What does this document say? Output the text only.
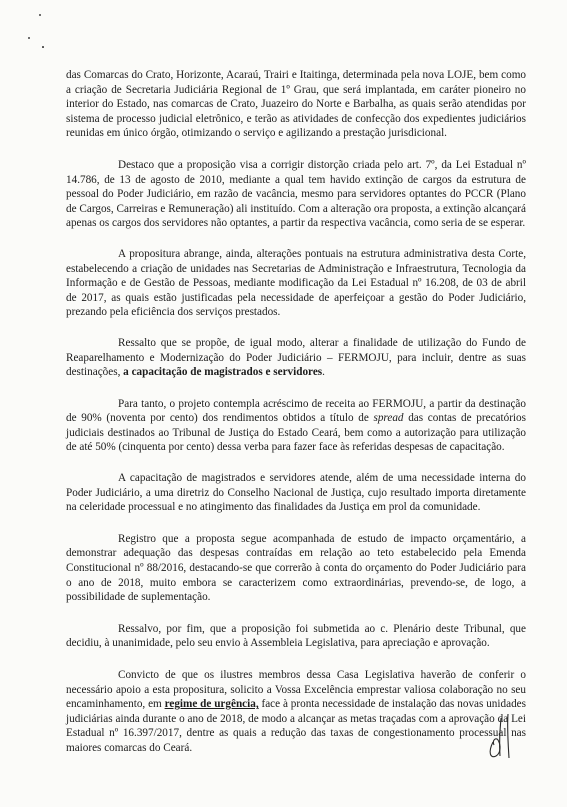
das Comarcas do Crato, Horizonte, Acaraú, Trairi e Itaitinga, determinada pela nova LOJE, bem como a criação de Secretaria Judiciária Regional de 1º Grau, que será implantada, em caráter pioneiro no interior do Estado, nas comarcas de Crato, Juazeiro do Norte e Barbalha, as quais serão atendidas por sistema de processo judicial eletrônico, e terão as atividades de confecção dos expedientes judiciários reunidas em único órgão, otimizando o serviço e agilizando a prestação jurisdicional.

Destaco que a proposição visa a corrigir distorção criada pelo art. 7º, da Lei Estadual nº 14.786, de 13 de agosto de 2010, mediante a qual tem havido extinção de cargos da estrutura de pessoal do Poder Judiciário, em razão de vacância, mesmo para servidores optantes do PCCR (Plano de Cargos, Carreiras e Remuneração) ali instituído. Com a alteração ora proposta, a extinção alcançará apenas os cargos dos servidores não optantes, a partir da respectiva vacância, como seria de se esperar.

A propositura abrange, ainda, alterações pontuais na estrutura administrativa desta Corte, estabelecendo a criação de unidades nas Secretarias de Administração e Infraestrutura, Tecnologia da Informação e de Gestão de Pessoas, mediante modificação da Lei Estadual nº 16.208, de 03 de abril de 2017, as quais estão justificadas pela necessidade de aperfeiçoar a gestão do Poder Judiciário, prezando pela eficiência dos serviços prestados.

Ressalto que se propõe, de igual modo, alterar a finalidade de utilização do Fundo de Reaparelhamento e Modernização do Poder Judiciário – FERMOJU, para incluir, dentre as suas destinações, a capacitação de magistrados e servidores.

Para tanto, o projeto contempla acréscimo de receita ao FERMOJU, a partir da destinação de 90% (noventa por cento) dos rendimentos obtidos a título de spread das contas de precatórios judiciais destinados ao Tribunal de Justiça do Estado Ceará, bem como a autorização para utilização de até 50% (cinquenta por cento) dessa verba para fazer face às referidas despesas de capacitação.

A capacitação de magistrados e servidores atende, além de uma necessidade interna do Poder Judiciário, a uma diretriz do Conselho Nacional de Justiça, cujo resultado importa diretamente na celeridade processual e no atingimento das finalidades da Justiça em prol da comunidade.

Registro que a proposta segue acompanhada de estudo de impacto orçamentário, a demonstrar adequação das despesas contraídas em relação ao teto estabelecido pela Emenda Constitucional nº 88/2016, destacando-se que correrão à conta do orçamento do Poder Judiciário para o ano de 2018, muito embora se caracterizem como extraordinárias, prevendo-se, de logo, a possibilidade de suplementação.

Ressalvo, por fim, que a proposição foi submetida ao c. Plenário deste Tribunal, que decidiu, à unanimidade, pelo seu envio à Assembleia Legislativa, para apreciação e aprovação.

Convicto de que os ilustres membros dessa Casa Legislativa haverão de conferir o necessário apoio a esta propositura, solicito a Vossa Excelência emprestar valiosa colaboração no seu encaminhamento, em regime de urgência, face à pronta necessidade de instalação das novas unidades judiciárias ainda durante o ano de 2018, de modo a alcançar as metas traçadas com a aprovação da Lei Estadual nº 16.397/2017, dentre as quais a redução das taxas de congestionamento processual nas maiores comarcas do Ceará.
